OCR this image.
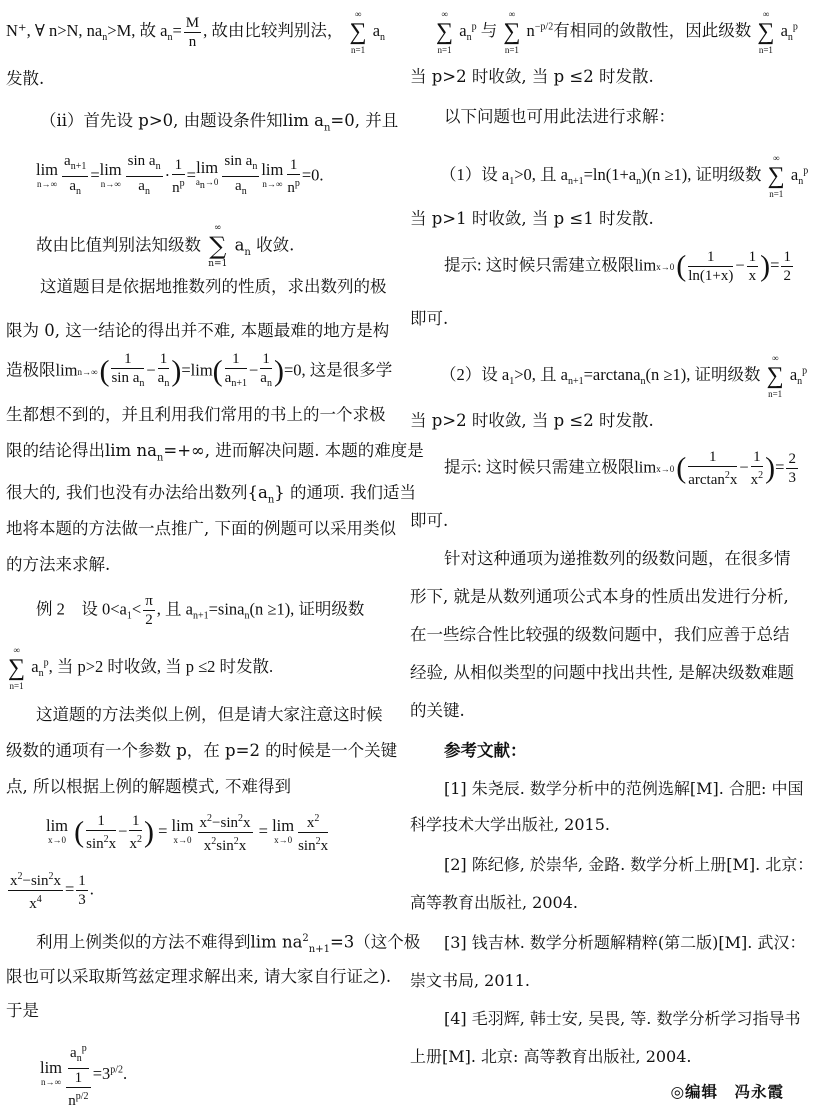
N⁺, ∀ n>N, $na_n>M$, 故 $a_n= \frac{M}{n}$ , 故由比较判别法，
∞
∑
n=1
$a_n$
发散.
（ii）首先设 p>0, 由题设条件知$\lim a_n=0$, 并且
lim
$n\to\infty \frac{a_{n+1}}{a_n} =\lim$
$n\to\infty \frac{\sin a_n}{a_n} \cdot \frac{1}{n^p} =\lim$
$a_n\to 0 \frac{\sin a_n}{a_n}$ lim
$n\to\infty \frac{1}{n^p} =0$.
故由比值判别法知级数
∞
∑
n=1
$a_n$ 收敛.
这道题目是依据地推数列的性质，求出数列的极
限为 0, 这一结论的得出并不难, 本题最难的地方是构
造极限lim n→∞ ( $\frac{1}{\sin a_n} - \frac{1}{a_n} )=\lim( \frac{1}{a_{n+1}} - \frac{1}{a_n} )=0$, 这是很多学
生都想不到的，并且利用我们常用的书上的一个求极
限的结论得出$\lim na_n=+\infty$, 进而解决问题. 本题的难度是
很大的, 我们也没有办法给出数列$\{a_n\}$ 的通项. 我们适当
地将本题的方法做一点推广, 下面的例题可以采用类似
的方法来求解.
例 2　设 $0<a_1< \frac{\pi}{2}$ , 且 $a_{n+1}=\sin a_n(n \ge 1)$, 证明级数
∞
∑
n=1
$a_n^p$, 当 p>2 时收敛, 当 p ≤2 时发散.
这道题的方法类似上例，但是请大家注意这时候
级数的通项有一个参数 p，在 p=2 的时候是一个关键
点, 所以根据上例的解题模式, 不难得到
lim
x→0 ( $\frac{1}{\sin^2x} - \frac{1}{x^2}$ ) = lim
$x\to 0 \frac{x^2-\sin^2x}{x^2\sin^2x} = \lim$
$x\to 0 \frac{x^2}{\sin^2x}$
$\frac{x^2-\sin^2x}{x^4} = \frac{1}{3}$ .
利用上例类似的方法不难得到$\lim na^2_{n+1}=3$（这个极
限也可以采取斯笃兹定理求解出来, 请大家自行证之).
于是
lim
$n\to\infty \frac{\frac{a_n^p}{1}}{n^{p/2}} =3^{p/2}$.
∞
∑
n=1
$a_n^p$ 与
∞
∑
n=1
$n^{-p/2}$有相同的敛散性，因此级数
∞
∑
n=1
$a_n^p$
当 p>2 时收敛, 当 p ≤2 时发散.
以下问题也可用此法进行求解：
（1）设 $a_1>0$, 且 $a_{n+1}=\ln(1+a_n)(n \ge 1)$, 证明级数
∞
∑
n=1
$a_n^p$
当 p>1 时收敛, 当 p ≤1 时发散.
提示: 这时候只需建立极限lim x→0 ( $\frac{1}{\ln(1+x)} - \frac{1}{x}$ )= $\frac{1}{2}$
即可.
（2）设 $a_1>0$, 且 $a_{n+1}=\arctan a_n(n \ge 1)$, 证明级数
∞
∑
n=1
$a_n^p$
当 p>2 时收敛, 当 p ≤2 时发散.
提示: 这时候只需建立极限lim x→0 ( $\frac{1}{\arctan^2x} - \frac{1}{x^2}$ )= $\frac{2}{3}$
即可.
针对这种通项为递推数列的级数问题，在很多情
形下, 就是从数列通项公式本身的性质出发进行分析,
在一些综合性比较强的级数问题中，我们应善于总结
经验, 从相似类型的问题中找出共性, 是解决级数难题
的关键.
参考文献：
[1] 朱尧辰. 数学分析中的范例选解[M]. 合肥: 中国
科学技术大学出版社, 2015.
[2] 陈纪修, 於崇华, 金路. 数学分析上册[M]. 北京：
高等教育出版社, 2004.
[3] 钱吉林. 数学分析题解精粹(第二版)[M]. 武汉：
崇文书局, 2011.
[4] 毛羽辉, 韩士安, 吴畏, 等. 数学分析学习指导书
上册[M]. 北京: 高等教育出版社, 2004.
◎编辑　冯永霞
